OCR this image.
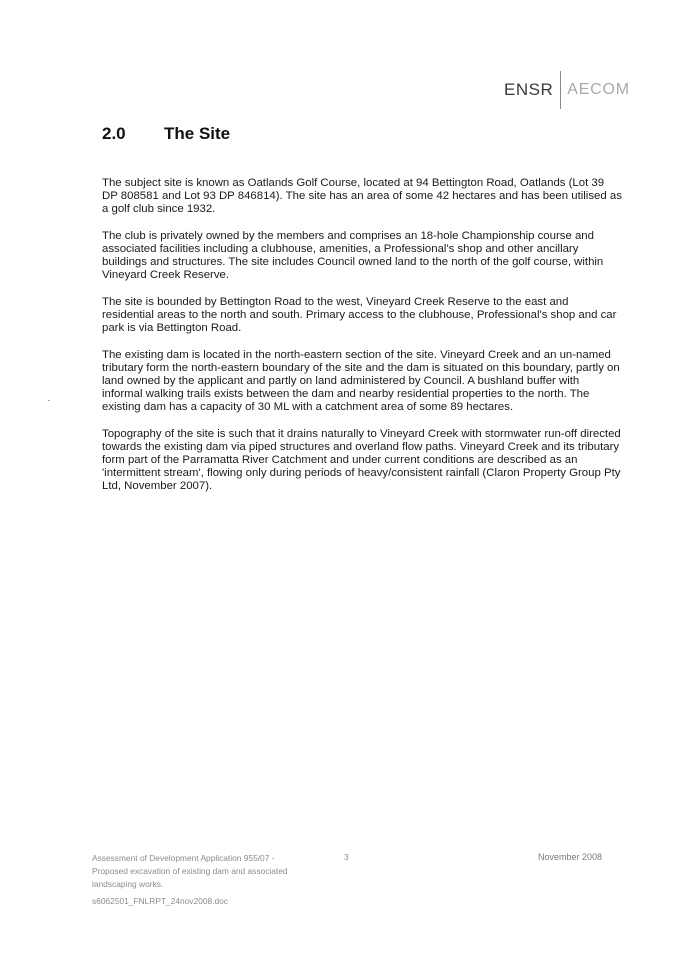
ENSR AECOM
2.0 The Site

The subject site is known as Oatlands Golf Course, located at 94 Bettington Road, Oatlands (Lot 39 DP 808581 and Lot 93 DP 846814). The site has an area of some 42 hectares and has been utilised as a golf club since 1932.

The club is privately owned by the members and comprises an 18-hole Championship course and associated facilities including a clubhouse, amenities, a Professional's shop and other ancillary buildings and structures. The site includes Council owned land to the north of the golf course, within Vineyard Creek Reserve.

The site is bounded by Bettington Road to the west, Vineyard Creek Reserve to the east and residential areas to the north and south. Primary access to the clubhouse, Professional's shop and car park is via Bettington Road.

The existing dam is located in the north-eastern section of the site. Vineyard Creek and an un-named tributary form the north-eastern boundary of the site and the dam is situated on this boundary, partly on land owned by the applicant and partly on land administered by Council. A bushland buffer with informal walking trails exists between the dam and nearby residential properties to the north. The existing dam has a capacity of 30 ML with a catchment area of some 89 hectares.

Topography of the site is such that it drains naturally to Vineyard Creek with stormwater run-off directed towards the existing dam via piped structures and overland flow paths. Vineyard Creek and its tributary form part of the Parramatta River Catchment and under current conditions are described as an 'intermittent stream', flowing only during periods of heavy/consistent rainfall (Claron Property Group Pty Ltd, November 2007).

Assessment of Development Application 955/07 -
Proposed excavation of existing dam and associated
landscaping works.
s6062501_FNLRPT_24nov2008.doc
3	November 2008
